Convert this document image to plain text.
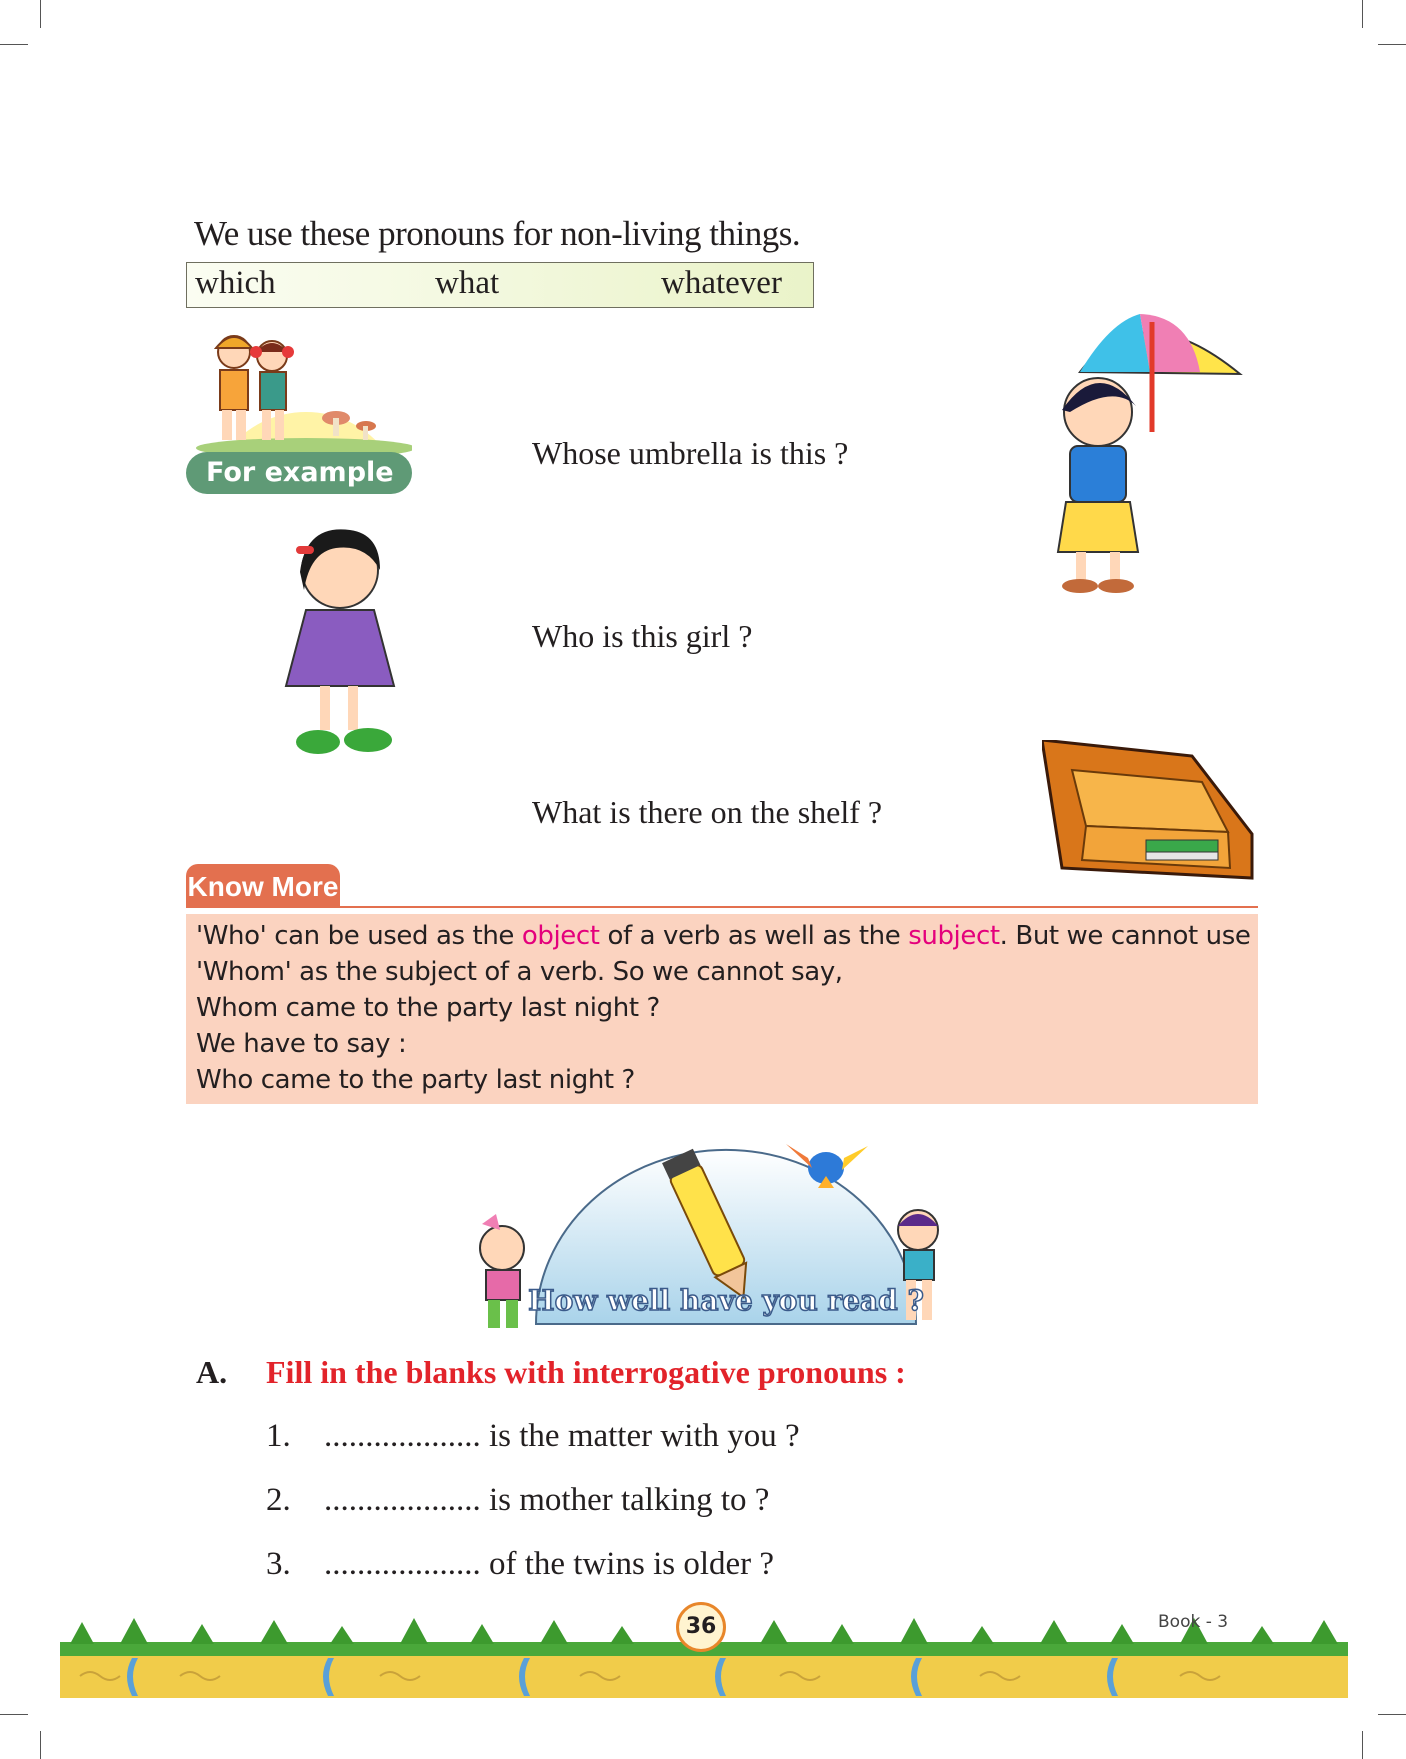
We use these pronouns for non-living things.
which	what	whatever
For example :
Whose umbrella is this ?
Who is this girl ?
What is there on the shelf ?
Know More
'Who' can be used as the object of a verb as well as the subject. But we cannot use
'Whom' as the subject of a verb. So we cannot say,
Whom came to the party last night ?
We have to say :
Who came to the party last night ?
How well have you read ?
A. Fill in the blanks with interrogative pronouns :
1. ................... is the matter with you ?
2. ................... is mother talking to ?
3. ................... of the twins is older ?
36	Book - 3
